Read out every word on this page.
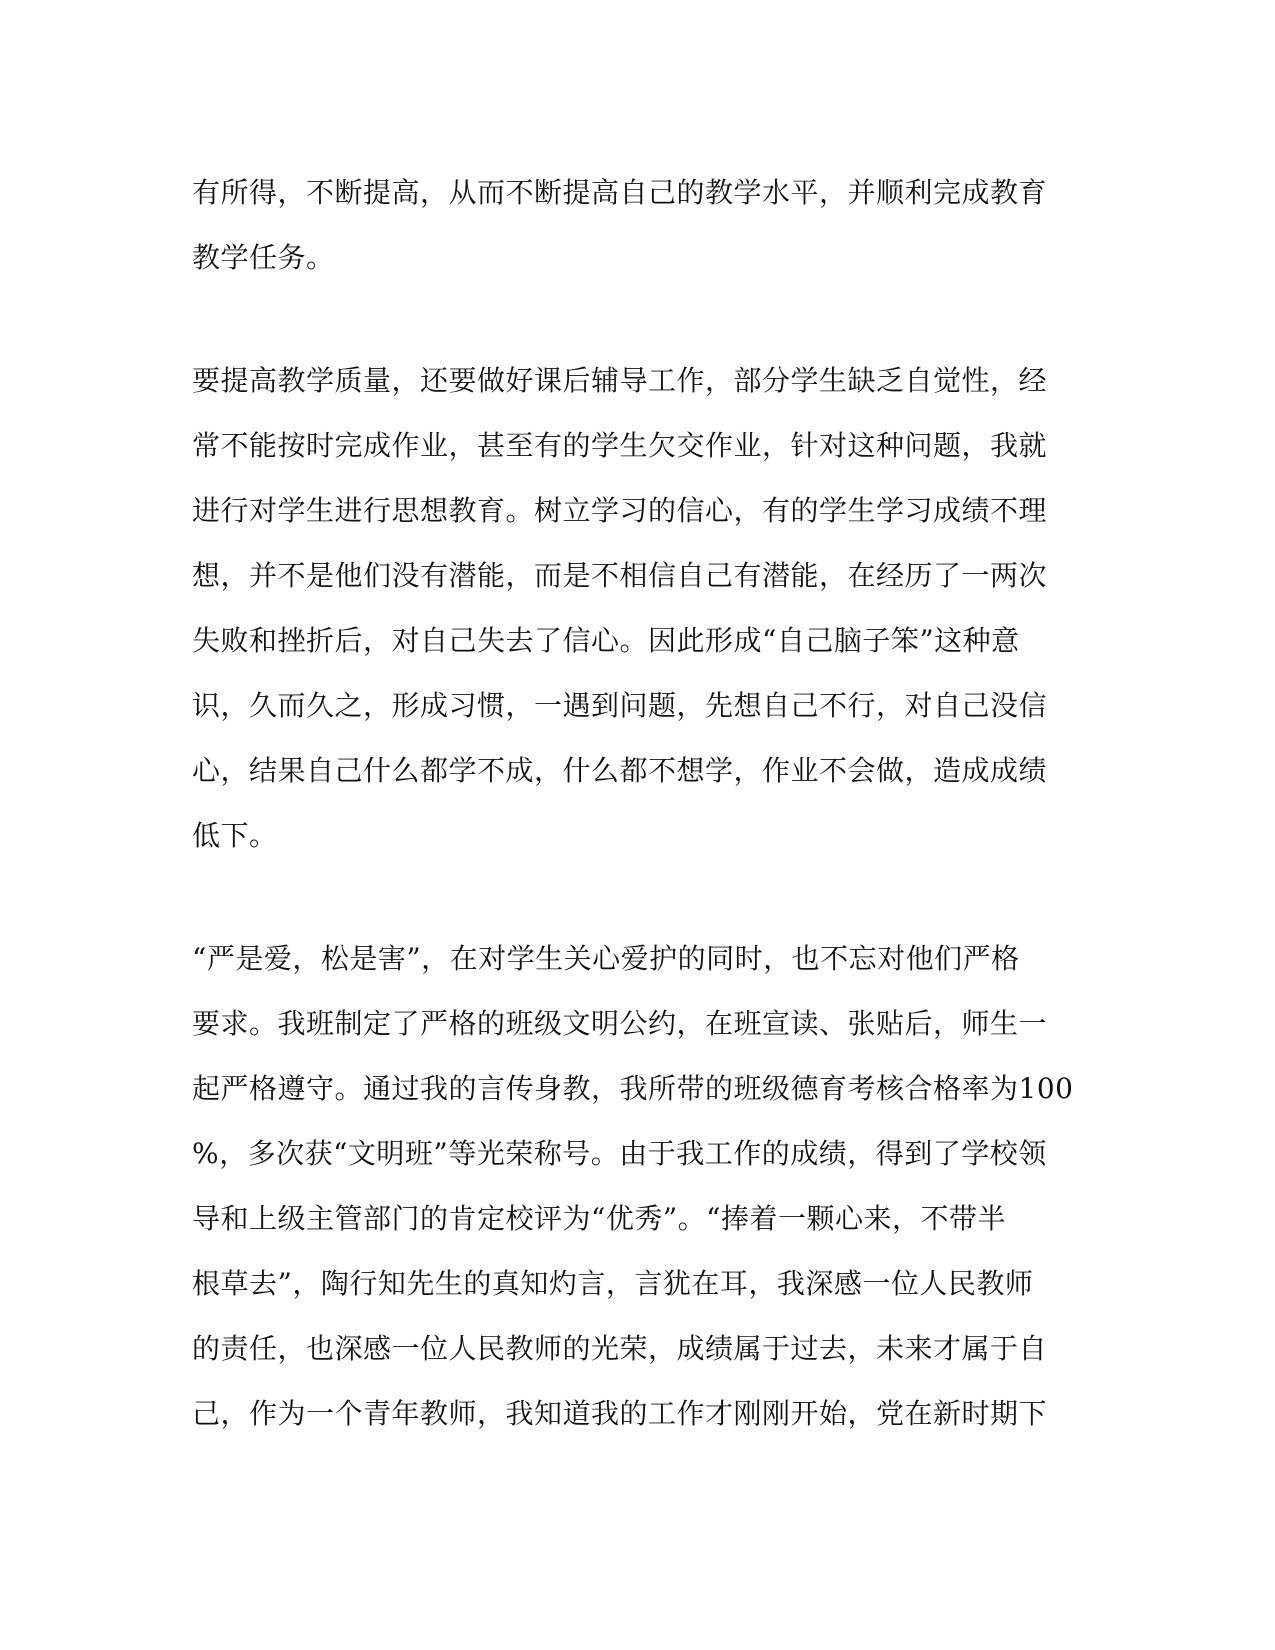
有所得，不断提高，从而不断提高自己的教学水平，并顺利完成教育
教学任务。
要提高教学质量，还要做好课后辅导工作，部分学生缺乏自觉性，经
常不能按时完成作业，甚至有的学生欠交作业，针对这种问题，我就
进行对学生进行思想教育。树立学习的信心，有的学生学习成绩不理
想，并不是他们没有潜能，而是不相信自己有潜能，在经历了一两次
失败和挫折后，对自己失去了信心。因此形成“自己脑子笨”这种意
识，久而久之，形成习惯，一遇到问题，先想自己不行，对自己没信
心，结果自己什么都学不成，什么都不想学，作业不会做，造成成绩
低下。
“严是爱，松是害”，在对学生关心爱护的同时，也不忘对他们严格
要求。我班制定了严格的班级文明公约，在班宣读、张贴后，师生一
起严格遵守。通过我的言传身教，我所带的班级德育考核合格率为100
%，多次获“文明班”等光荣称号。由于我工作的成绩，得到了学校领
导和上级主管部门的肯定校评为“优秀”。“捧着一颗心来，不带半
根草去”，陶行知先生的真知灼言，言犹在耳，我深感一位人民教师
的责任，也深感一位人民教师的光荣，成绩属于过去，未来才属于自
己，作为一个青年教师，我知道我的工作才刚刚开始，党在新时期下
